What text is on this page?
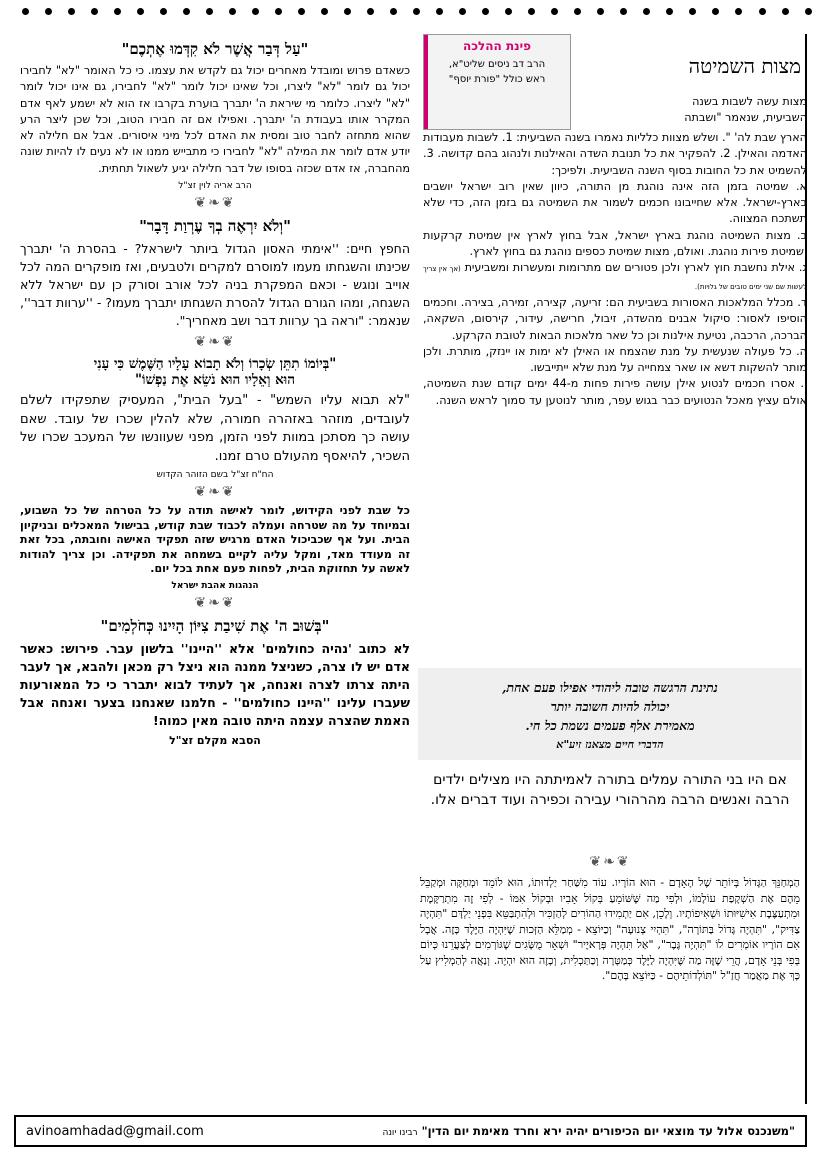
פינת ההלכה
הרב דב ניסים שליט"א,
ראש כולל "פורת יוסף"
מצות השמיטה

מצות עשה לשבות בשנה

השביעית, שנאמר "ושבתה

הארץ שבת לה' ". ושלש מצוות כלליות נאמרו בשנה השביעית: 1. לשבות מעבודות האדמה והאילן. 2. להפקיר את כל תנובת השדה והאילנות ולנהוג בהם קדושה. 3. להשמיט את כל החובות בסוף השנה השביעית. ולפיכך:

א. שמיטה בזמן הזה אינה נוהגת מן התורה, כיוון שאין רוב ישראל יושבים בארץ-ישראל. אלא שחייבונו חכמים לשמור את השמיטה גם בזמן הזה, כדי שלא תשתכח המצווה.

ב. מצות השמיטה נוהגת בארץ ישראל, אבל בחוץ לארץ אין שמיטת קרקעות ושמיטת פירות נוהגת. ואולם, מצות שמיטת כספים נוהגת גם בחוץ לארץ.

ג. אילת נחשבת חוץ לארץ ולכן פטורים שם מתרומות ומעשרות ומשביעית (אך אין צריך לעשות שם שני ימים טובים של גלויות).

ד. מכלל המלאכות האסורות בשביעית הם: זריעה, קצירה, זמירה, בצירה. וחכמים הוסיפו לאסור: סיקול אבנים מהשדה, זיבול, חרישה, עידור, קירסום, השקאה, הברכה, הרכבה, נטיעת אילנות וכן כל שאר מלאכות הבאות לטובת הקרקע.

ה. כל פעולה שנעשית על מנת שהצמח או האילן לא ימות או יינזק, מותרת. ולכן מותר להשקות דשא או שאר צמחייה על מנת שלא ייתייבשו.

ו. אסרו חכמים לנטוע אילן עושה פירות פחות מ-44 ימים קודם שנת השמיטה, אולם עציץ מאכל הנטועים כבר בגוש עפר, מותר לנוטען עד סמוך לראש השנה.

נתינת הרגשה טובה ליהודי אפילו פעם אחת,
יכולה להיות חשובה יותר
מאמירת אלף פעמים נשמת כל חי.
הדברי חיים מצאנז זיע"א
אם היו בני התורה עמלים בתורה לאמיתתה היו מצילים ילדים הרבה ואנשים הרבה מהרהורי עבירה וכפירה ועוד דברים אלו.
❦❧❦
הַמְחַנֵּךְ הַגָּדוֹל בְּיוֹתֵר שֶׁל הָאָדָם - הוּא הוֹרָיו. עוֹד מִשַּׁחַר יַלְדוּתוֹ, הוּא לוֹמֵד וּמְחַקֶּה וּמְקַבֵּל מֵהֶם אֶת הַשְׁקָפַת עוֹלָמוֹ, וּלְפִי מַה שֶּׁשּׁוֹמֵעַ בְּקוֹל אָבִיו וּבְקוֹל אִמּוֹ - לְפִי זֶה מִתְרַקֶּמֶת וּמִתְעַצֶּבֶת אִישִׁיּוּתוֹ וּשְׁאִיפוֹתָיו. וְלָכֵן, אִם יַתְמִידוּ הַהוֹרִים לְהַזְכִּיר וּלְהִתְבַּטֵּא בִּפְנֵי יַלְדָּם "תִּהְיֶה צַדִּיק", "תִּהְיֶה גָּדוֹל בַּתּוֹרָה", "תִּהְיִי צְנוּעָה" וְכַיּוֹצֵא - מְמַלֵּא הַזְּכוּת שֶׁיִּהְיֶה הַיֶּלֶד כָּזֶה. אֲבָל אִם הוֹרָיו אוֹמְרִים לוֹ "תִּהְיֶה גֶּבֶר", "אַל תִּהְיֶה פְּרָאיֶיר" וּשְׁאָר מֻשָּׂגִים שֶׁגּוֹרְמִים לְצַעֲרֵנוּ כְּיוֹם בְּפִי בְּנֵי אָדָם, הֲרֵי שֶׁזֶּה מַה שֶּׁיִּהְיֶה לַיֶּלֶד כְּמַטָּרָה וְכַתַּכְלִית, וְכָזֶה הוּא יִהְיֶה. וְנַאֲה לְהַמְלִיץ עַל כָּךְ אֶת מַאֲמַר חֲזַ"ל "תּוֹלְדוֹתֵיהֶם - כַּיּוֹצֵא בָּהֶם".
"עַל דְּבַר אֲשֶׁר לֹא קִדְּמוּ אֶתְכֶם"
כשאדם פרוש ומובדל מאחרים יכול גם לקדש את עצמו. כי כל האומר "לא" לחבירו יכול גם לומר "לא" ליצרו, וכל שאינו יכול לומר "לא" לחבירו, גם אינו יכול לומר "לא" ליצרו. כלומר מי שיראת ה' יתברך בוערת בקרבו אז הוא לא ישמע לאף אדם המקרר אותו בעבודת ה' יתברך. ואפילו אם זה חבירו הטוב, וכל שכן ליצר הרע שהוא מתחזה לחבר טוב ומסית את האדם לכל מיני איסורים. אבל אם חלילה לא יודע אדם לומר את המילה "לא" לחבירו כי מתבייש ממנו או לא נעים לו להיות שונה מהחברה, אז אדם שכזה בסופו של דבר חלילה יגיע לשאול תחתית.
הרב אריה לוין זצ"ל
❦❧❦
"וְלֹא יִרְאֶה בְךָ עֶרְוַת דָּבָר"
החפץ חיים: ''אימתי האסון הגדול ביותר לישראל? - בהסרת ה' יתברך שכינתו והשגחתו מעמו למוסרם למקרים ולטבעים, ואז מופקרים המה לכל אוייב ונוגש - וכאם המפקרת בניה לכל אורב וסורק כן עם ישראל ללא השגחה, ומהו הגורם הגדול להסרת השגחתו יתברך מעמו? - ''ערוות דבר'', שנאמר: "וראה בך ערוות דבר ושב מאחריך".
❦❧❦
"בְּיוֹמוֹ תִתֵּן שְׂכָרוֹ וְלֹא תָבוֹא עָלָיו הַשֶּׁמֶשׁ כִּי עָנִי
הוּא וְאֵלָיו הוּא נֹשֵׂא אֶת נַפְשׁוֹ"
"לא תבוא עליו השמש" - "בעל הבית", המעסיק שתפקידו לשלם לעובדים, מוזהר באזהרה חמורה, שלא להלין שכרו של עובד. שאם עושה כך מסתכן במוות לפני הזמן, מפני שעוונשו של המעכב שכרו של השכיר, להיאסף מהעולם טרם זמנו.
הח"ח זצ"ל בשם הזוהר הקדוש
❦❧❦
כל שבת לפני הקידוש, לומר לאישה תודה על כל הטרחה של כל השבוע, ובמיוחד על מה שטרחה ועמלה לכבוד שבת קודש, בבישול המאכלים ובניקיון הבית. ועל אף שכביכול האדם מרגיש שזה תפקיד האישה וחובתה, בכל זאת זה מעודד מאד, ומקל עליה לקיים בשמחה את תפקידה. וכן צריך להודות לאשה על תחזוקת הבית, לפחות פעם אחת בכל יום.
הנהגות אהבת ישראל
❦❧❦
"בְּשׁוּב ה' אֶת שִׁיבַת צִיּוֹן הָיִינוּ כְּחֹלְמִים"
לא כתוב 'נהיה כחולמים' אלא ''היינו'' בלשון עבר. פירוש: כאשר אדם יש לו צרה, כשניצל ממנה הוא ניצל רק מכאן ולהבא, אך לעבר היתה צרתו לצרה ואנחה, אך לעתיד לבוא יתברר כי כל המאורעות שעברו עלינו ''היינו כחולמים'' - חלמנו שאנחנו בצער ואנחה אבל האמת שהצרה עצמה היתה טובה מאין כמוה!
הסבא מקלם זצ"ל
"משנכנס אלול עד מוצאי יום הכיפורים יהיה ירא וחרד מאימת יום הדין" רבינו יונה
avinoamhadad@gmail.com
